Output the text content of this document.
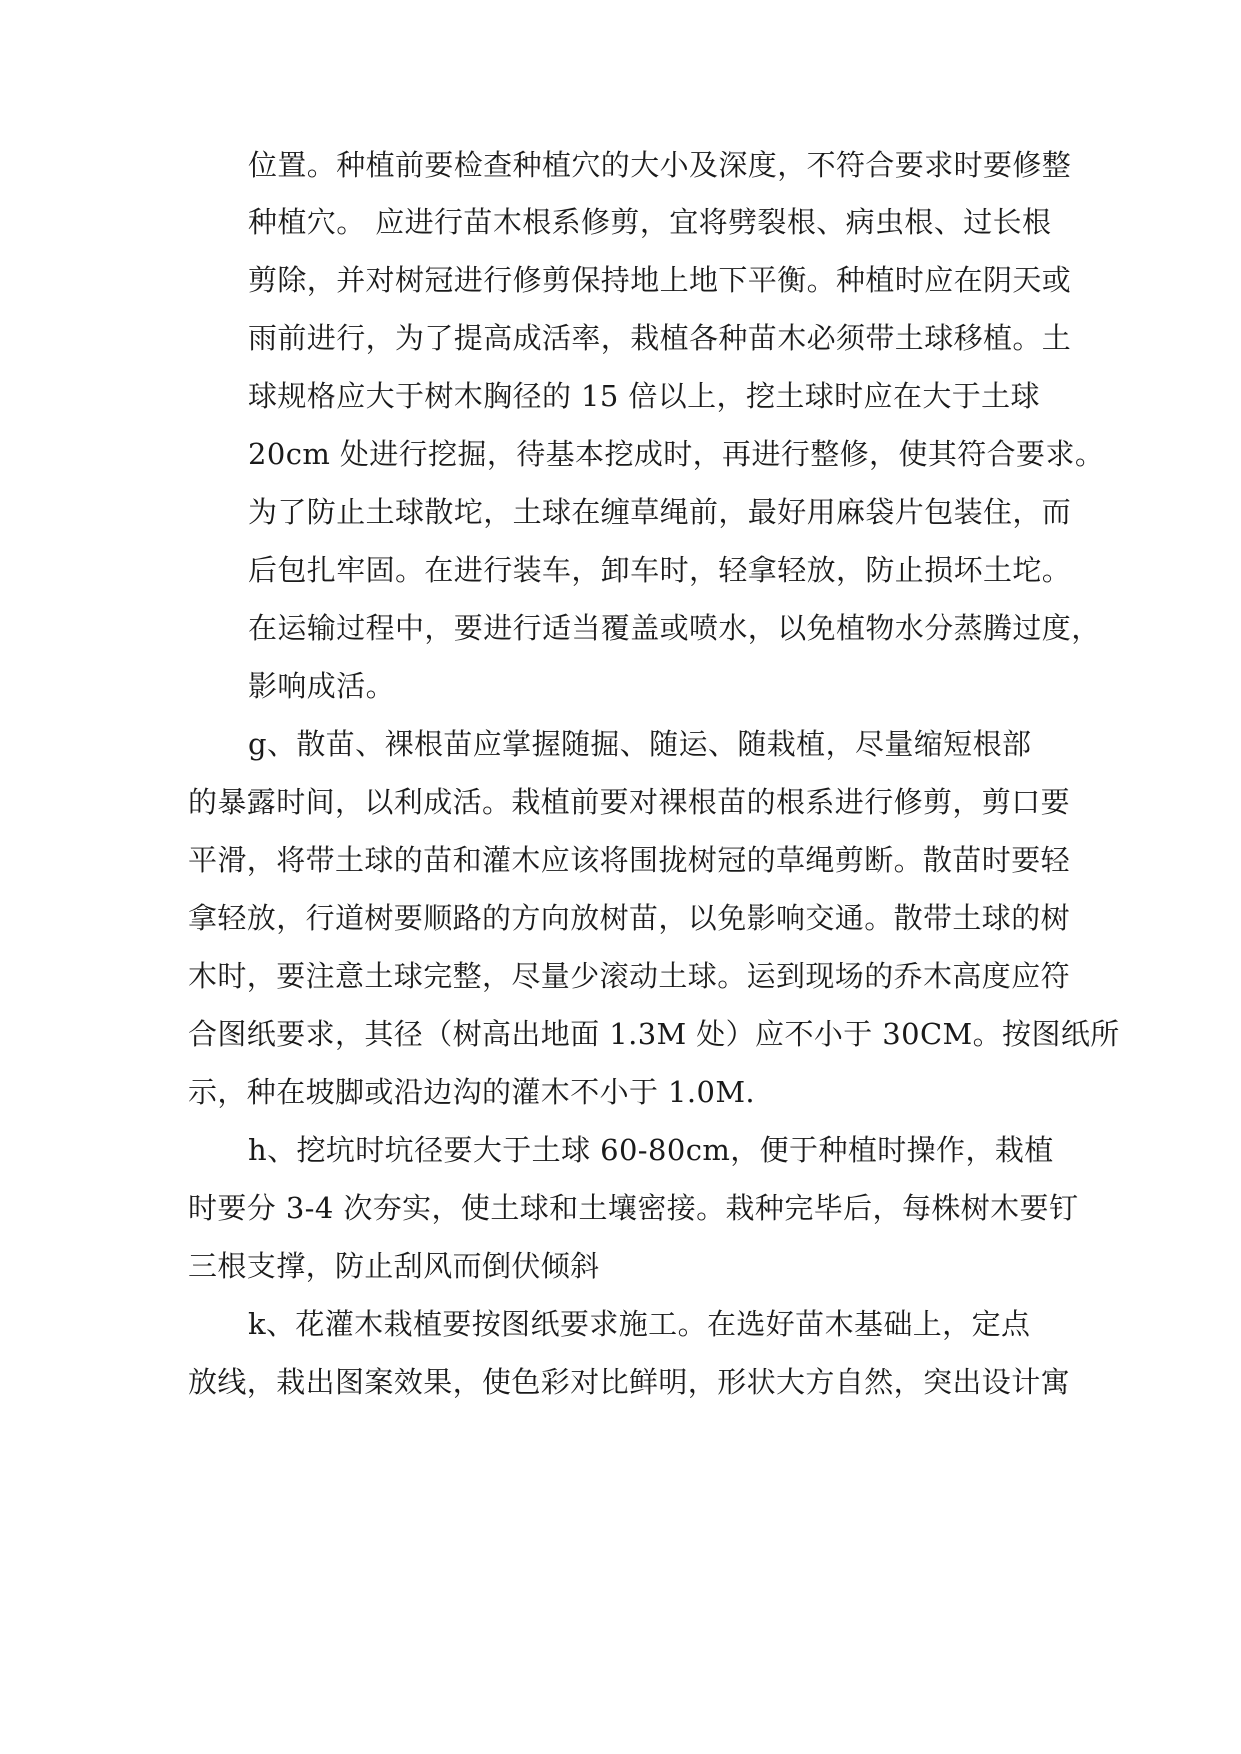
位置。种植前要检查种植穴的大小及深度，不符合要求时要修整
种植穴。 应进行苗木根系修剪，宜将劈裂根、病虫根、过长根
剪除，并对树冠进行修剪保持地上地下平衡。种植时应在阴天或
雨前进行，为了提高成活率，栽植各种苗木必须带土球移植。土
球规格应大于树木胸径的 15 倍以上，挖土球时应在大于土球
20cm 处进行挖掘，待基本挖成时，再进行整修，使其符合要求。
为了防止土球散坨，土球在缠草绳前，最好用麻袋片包装住，而
后包扎牢固。在进行装车，卸车时，轻拿轻放，防止损坏土坨。
在运输过程中，要进行适当覆盖或喷水，以免植物水分蒸腾过度，
影响成活。
g、散苗、裸根苗应掌握随掘、随运、随栽植，尽量缩短根部
的暴露时间，以利成活。栽植前要对裸根苗的根系进行修剪，剪口要
平滑，将带土球的苗和灌木应该将围拢树冠的草绳剪断。散苗时要轻
拿轻放，行道树要顺路的方向放树苗，以免影响交通。散带土球的树
木时，要注意土球完整，尽量少滚动土球。运到现场的乔木高度应符
合图纸要求，其径（树高出地面 1.3M 处）应不小于 30CM。按图纸所
示，种在坡脚或沿边沟的灌木不小于 1.0M.
h、挖坑时坑径要大于土球 60-80cm，便于种植时操作，栽植
时要分 3-4 次夯实，使土球和土壤密接。栽种完毕后，每株树木要钉
三根支撑，防止刮风而倒伏倾斜
k、花灌木栽植要按图纸要求施工。在选好苗木基础上，定点
放线，栽出图案效果，使色彩对比鲜明，形状大方自然，突出设计寓
